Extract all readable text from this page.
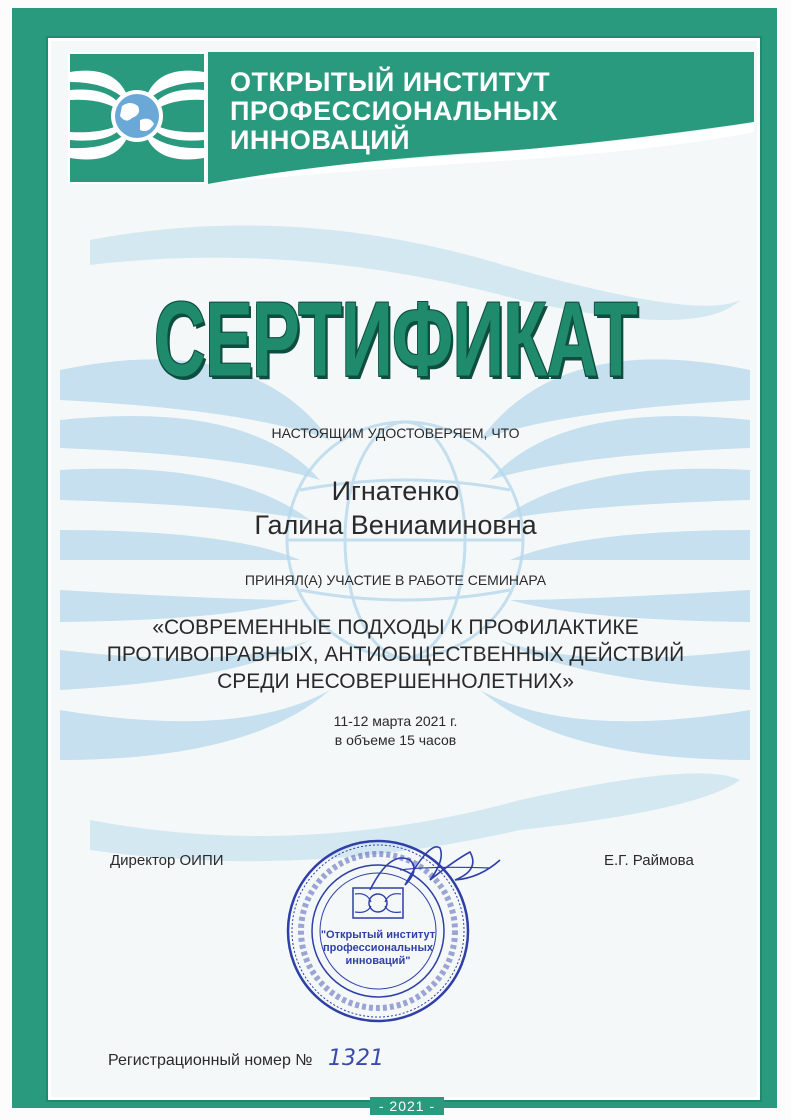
ОТКРЫТЫЙ ИНСТИТУТ
ПРОФЕССИОНАЛЬНЫХ
ИННОВАЦИЙ
СЕРТИФИКАТ
НАСТОЯЩИМ УДОСТОВЕРЯЕМ, ЧТО
Игнатенко
Галина Вениаминовна
ПРИНЯЛ(А) УЧАСТИЕ В РАБОТЕ СЕМИНАРА
«СОВРЕМЕННЫЕ ПОДХОДЫ К ПРОФИЛАКТИКЕ
ПРОТИВОПРАВНЫХ, АНТИОБЩЕСТВЕННЫХ ДЕЙСТВИЙ
СРЕДИ НЕСОВЕРШЕННОЛЕТНИХ»
11-12 марта 2021 г.
в объеме 15 часов
Директор ОИПИ	Е.Г. Раймова
"Открытый институт
профессиональных
инноваций"
Регистрационный номер № 1321
- 2021 -
